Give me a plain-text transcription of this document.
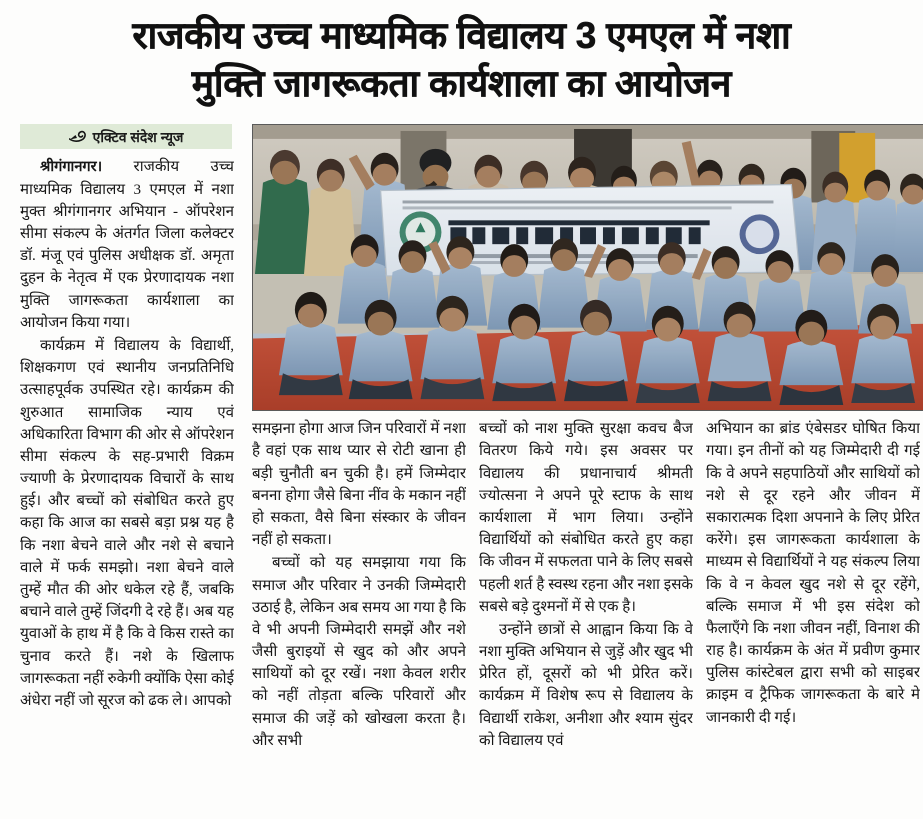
राजकीय उच्च माध्यमिक विद्यालय 3 एमएल में नशा
मुक्ति जागरूकता कार्यशाला का आयोजन
एक्टिव संदेश न्यूज

श्रीगंगानगर। राजकीय उच्च माध्यमिक विद्यालय 3 एमएल में नशा मुक्त श्रीगंगानगर अभियान - ऑपरेशन सीमा संकल्प के अंतर्गत जिला कलेक्टर डॉ. मंजू एवं पुलिस अधीक्षक डॉ. अमृता दुहन के नेतृत्व में एक प्रेरणादायक नशा मुक्ति जागरूकता कार्यशाला का आयोजन किया गया।

कार्यक्रम में विद्यालय के विद्यार्थी, शिक्षकगण एवं स्थानीय जनप्रतिनिधि उत्साहपूर्वक उपस्थित रहे। कार्यक्रम की शुरुआत सामाजिक न्याय एवं अधिकारिता विभाग की ओर से ऑपरेशन सीमा संकल्प के सह-प्रभारी विक्रम ज्याणी के प्रेरणादायक विचारों के साथ हुई। और बच्चों को संबोधित करते हुए कहा कि आज का सबसे बड़ा प्रश्न यह है कि नशा बेचने वाले और नशे से बचाने वाले में फर्क समझो। नशा बेचने वाले तुम्हें मौत की ओर धकेल रहे हैं, जबकि बचाने वाले तुम्हें जिंदगी दे रहे हैं। अब यह युवाओं के हाथ में है कि वे किस रास्ते का चुनाव करते हैं। नशे के खिलाफ जागरूकता नहीं रुकेगी क्योंकि ऐसा कोई अंधेरा नहीं जो सूरज को ढक ले। आपको

समझना होगा आज जिन परिवारों में नशा है वहां एक साथ प्यार से रोटी खाना ही बड़ी चुनौती बन चुकी है। हमें जिम्मेदार बनना होगा जैसे बिना नींव के मकान नहीं हो सकता, वैसे बिना संस्कार के जीवन नहीं हो सकता।

बच्चों को यह समझाया गया कि समाज और परिवार ने उनकी जिम्मेदारी उठाई है, लेकिन अब समय आ गया है कि वे भी अपनी जिम्मेदारी समझें और नशे जैसी बुराइयों से खुद को और अपने साथियों को दूर रखें। नशा केवल शरीर को नहीं तोड़ता बल्कि परिवारों और समाज की जड़ें को खोखला करता है। और सभी

बच्चों को नाश मुक्ति सुरक्षा कवच बैज वितरण किये गये। इस अवसर पर विद्यालय की प्रधानाचार्य श्रीमती ज्योत्सना ने अपने पूरे स्टाफ के साथ कार्यशाला में भाग लिया। उन्होंने विद्यार्थियों को संबोधित करते हुए कहा कि जीवन में सफलता पाने के लिए सबसे पहली शर्त है स्वस्थ रहना और नशा इसके सबसे बड़े दुश्मनों में से एक है।

उन्होंने छात्रों से आह्वान किया कि वे नशा मुक्ति अभियान से जुड़ें और खुद भी प्रेरित हों, दूसरों को भी प्रेरित करें। कार्यक्रम में विशेष रूप से विद्यालय के विद्यार्थी राकेश, अनीशा और श्याम सुंदर को विद्यालय एवं

अभियान का ब्रांड एंबेसडर घोषित किया गया। इन तीनों को यह जिम्मेदारी दी गई कि वे अपने सहपाठियों और साथियों को नशे से दूर रहने और जीवन में सकारात्मक दिशा अपनाने के लिए प्रेरित करेंगे। इस जागरूकता कार्यशाला के माध्यम से विद्यार्थियों ने यह संकल्प लिया कि वे न केवल खुद नशे से दूर रहेंगे, बल्कि समाज में भी इस संदेश को फैलाएँगे कि नशा जीवन नहीं, विनाश की राह है। कार्यक्रम के अंत में प्रवीण कुमार पुलिस कांस्टेबल द्वारा सभी को साइबर क्राइम व ट्रैफिक जागरूकता के बारे मे जानकारी दी गई।
